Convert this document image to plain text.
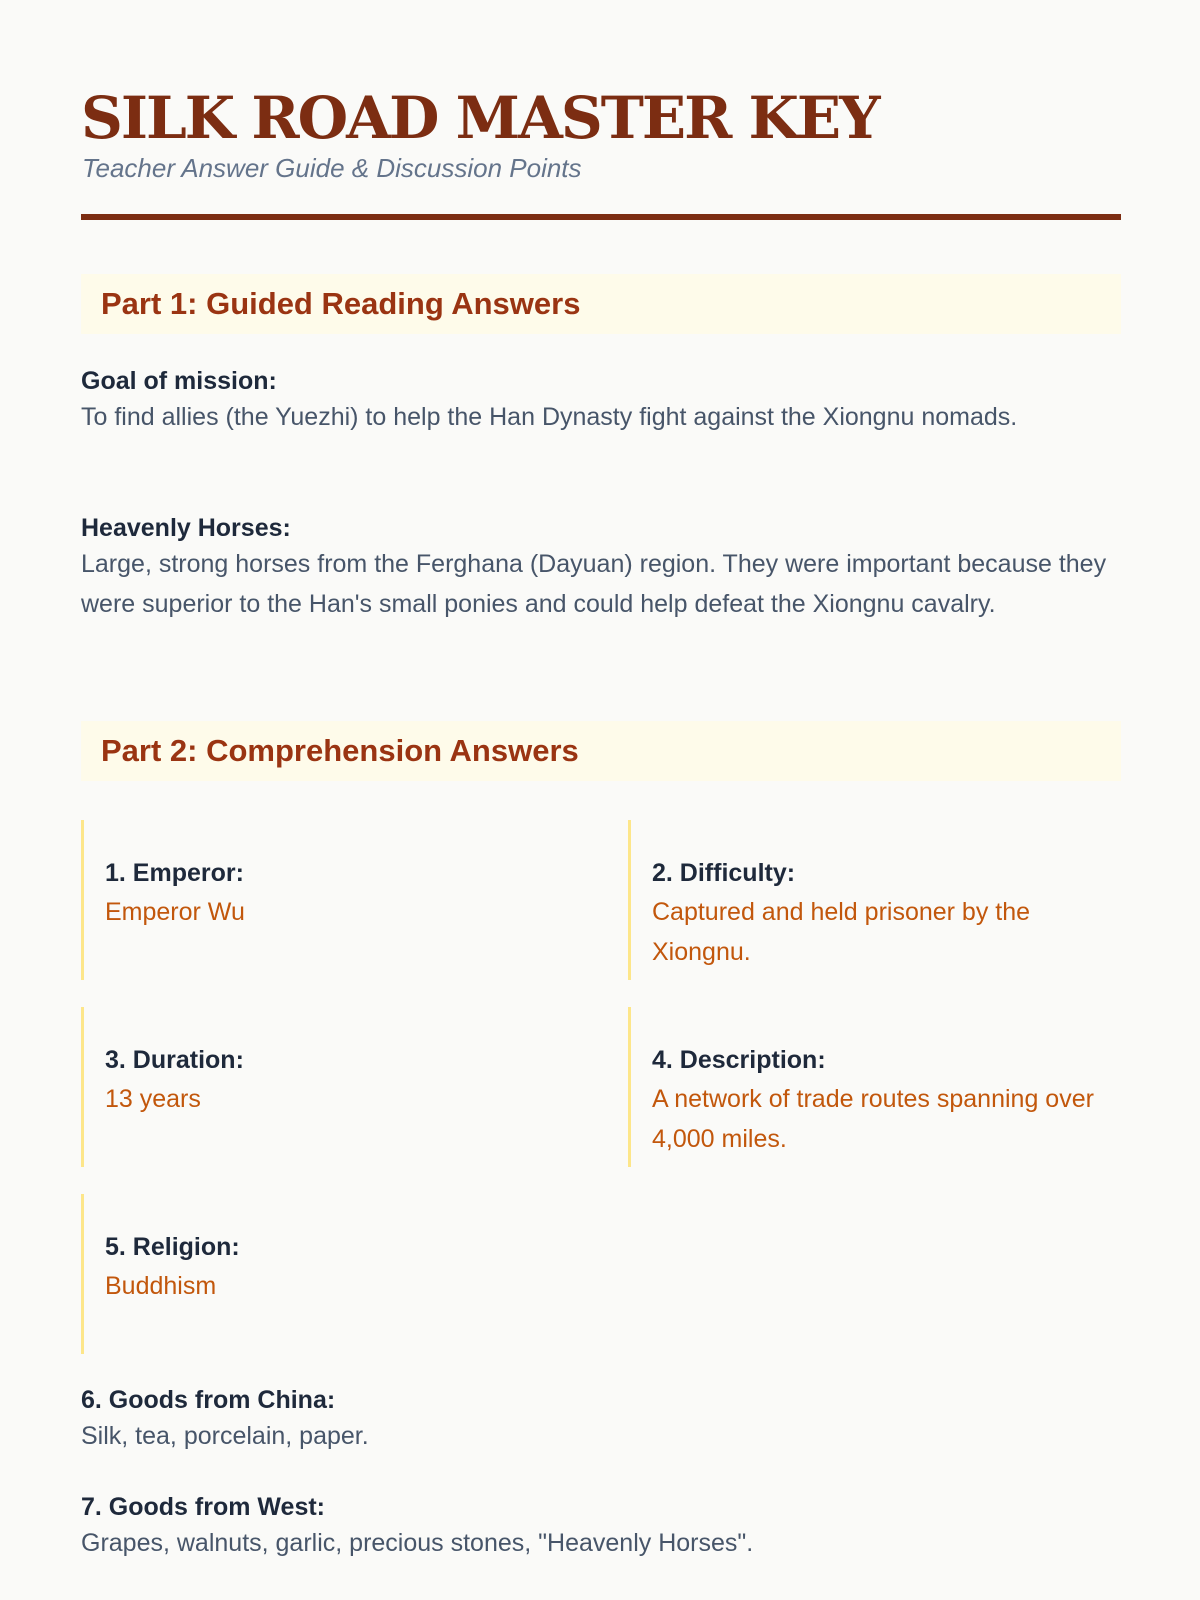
SILK ROAD MASTER KEY
Teacher Answer Guide & Discussion Points
Part 1: Guided Reading Answers
Goal of mission:
To find allies (the Yuezhi) to help the Han Dynasty fight against the Xiongnu nomads.
Heavenly Horses:
Large, strong horses from the Ferghana (Dayuan) region. They were important because they were superior to the Han's small ponies and could help defeat the Xiongnu cavalry.
Part 2: Comprehension Answers
1. Emperor:
Emperor Wu
2. Difficulty:
Captured and held prisoner by the Xiongnu.
3. Duration:
13 years
4. Description:
A network of trade routes spanning over 4,000 miles.
5. Religion:
Buddhism
6. Goods from China:
Silk, tea, porcelain, paper.
7. Goods from West:
Grapes, walnuts, garlic, precious stones, "Heavenly Horses".
